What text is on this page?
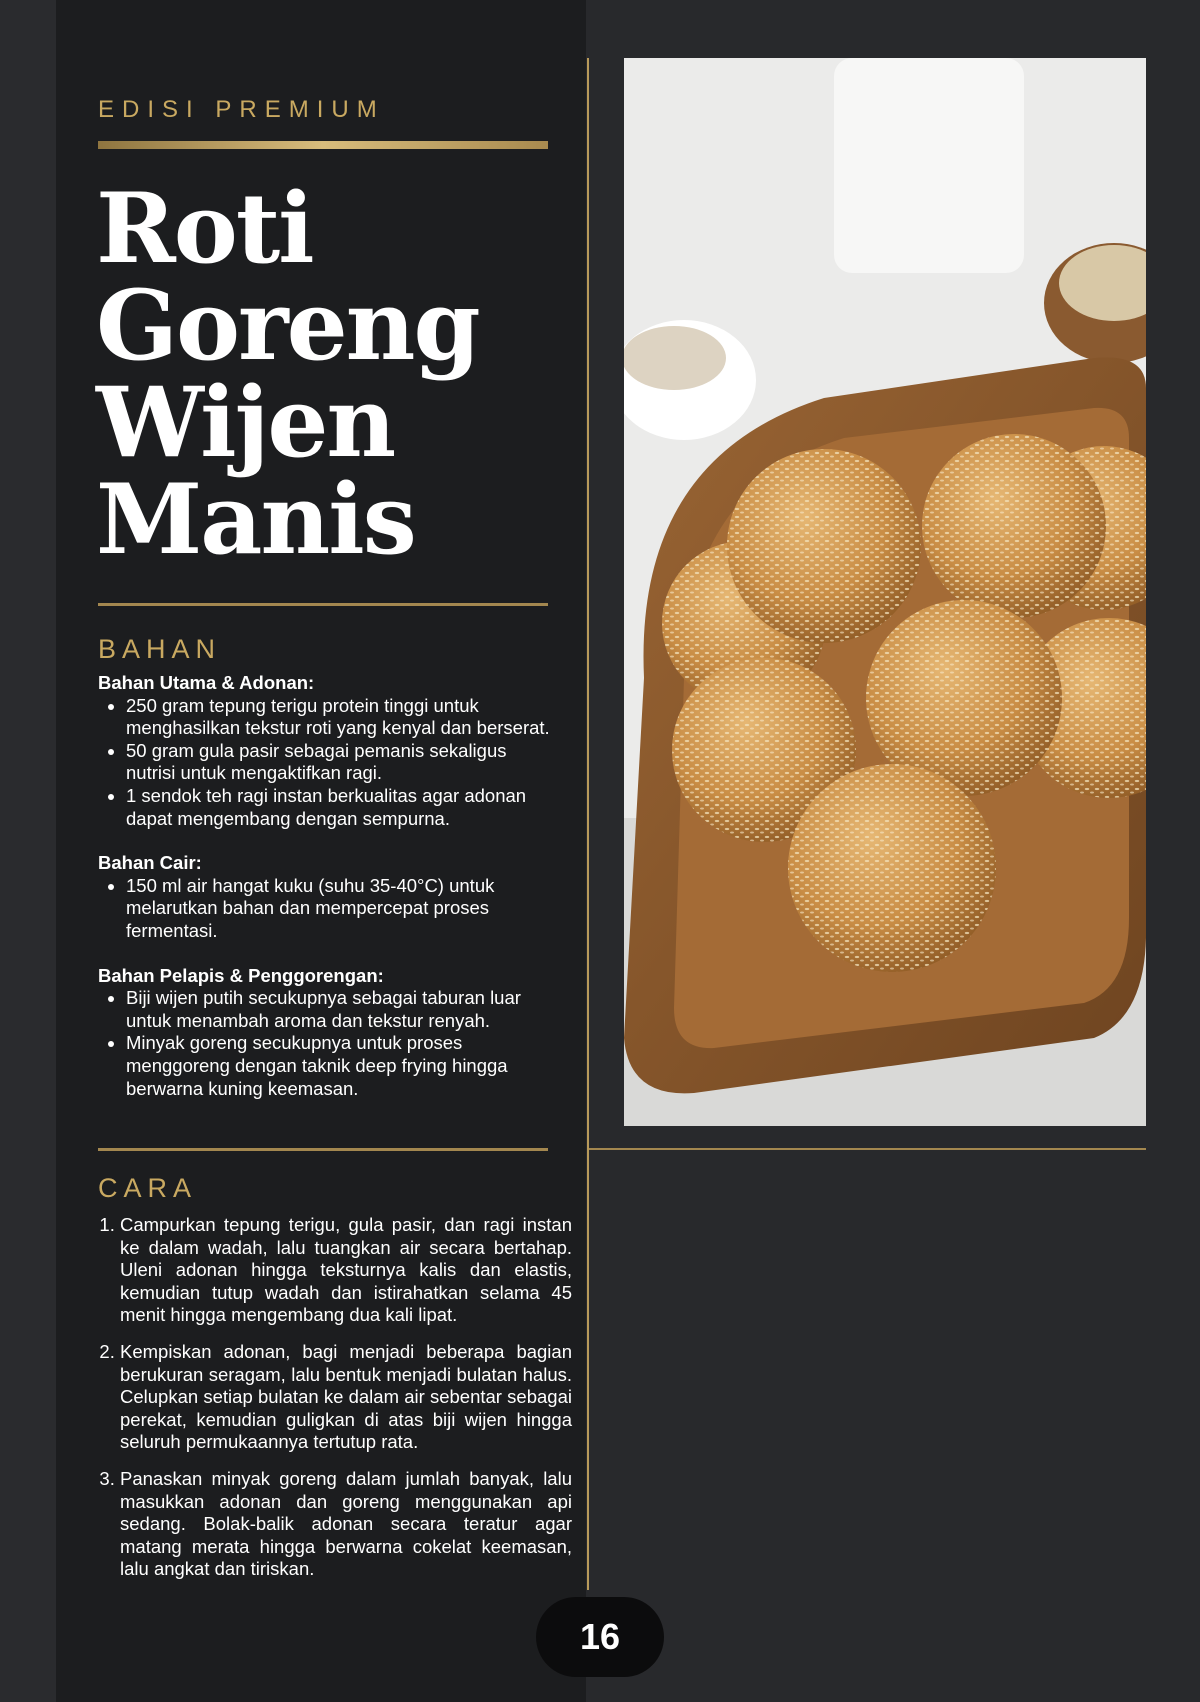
EDISI PREMIUM
Roti
Goreng
Wijen
Manis
BAHAN
Bahan Utama & Adonan:
• 250 gram tepung terigu protein tinggi untuk menghasilkan tekstur roti yang kenyal dan berserat.
• 50 gram gula pasir sebagai pemanis sekaligus nutrisi untuk mengaktifkan ragi.
• 1 sendok teh ragi instan berkualitas agar adonan dapat mengembang dengan sempurna.
Bahan Cair:
• 150 ml air hangat kuku (suhu 35-40°C) untuk melarutkan bahan dan mempercepat proses fermentasi.
Bahan Pelapis & Penggorengan:
• Biji wijen putih secukupnya sebagai taburan luar untuk menambah aroma dan tekstur renyah.
• Minyak goreng secukupnya untuk proses menggoreng dengan taknik deep frying hingga berwarna kuning keemasan.
CARA
1. Campurkan tepung terigu, gula pasir, dan ragi instan ke dalam wadah, lalu tuangkan air secara bertahap. Uleni adonan hingga teksturnya kalis dan elastis, kemudian tutup wadah dan istirahatkan selama 45 menit hingga mengembang dua kali lipat.
2. Kempiskan adonan, bagi menjadi beberapa bagian berukuran seragam, lalu bentuk menjadi bulatan halus. Celupkan setiap bulatan ke dalam air sebentar sebagai perekat, kemudian guligkan di atas biji wijen hingga seluruh permukaannya tertutup rata.
3. Panaskan minyak goreng dalam jumlah banyak, lalu masukkan adonan dan goreng menggunakan api sedang. Bolak-balik adonan secara teratur agar matang merata hingga berwarna cokelat keemasan, lalu angkat dan tiriskan.
16
